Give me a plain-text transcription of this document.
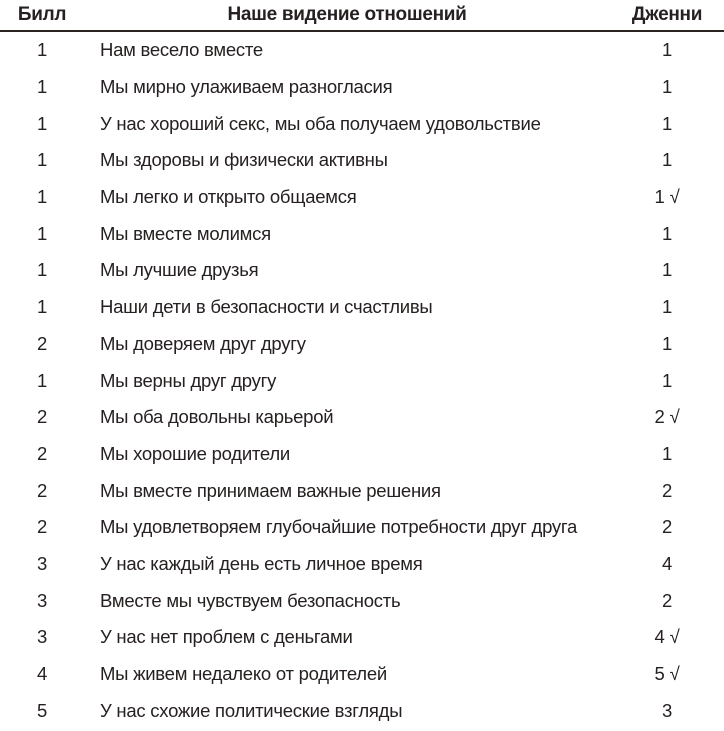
Билл	Наше видение отношений	Дженни
1	Нам весело вместе	1
1	Мы мирно улаживаем разногласия	1
1	У нас хороший секс, мы оба получаем удовольствие	1
1	Мы здоровы и физически активны	1
1	Мы легко и открыто общаемся	1 √
1	Мы вместе молимся	1
1	Мы лучшие друзья	1
1	Наши дети в безопасности и счастливы	1
2	Мы доверяем друг другу	1
1	Мы верны друг другу	1
2	Мы оба довольны карьерой	2 √
2	Мы хорошие родители	1
2	Мы вместе принимаем важные решения	2
2	Мы удовлетворяем глубочайшие потребности друг друга	2
3	У нас каждый день есть личное время	4
3	Вместе мы чувствуем безопасность	2
3	У нас нет проблем с деньгами	4 √
4	Мы живем недалеко от родителей	5 √
5	У нас схожие политические взгляды	3
